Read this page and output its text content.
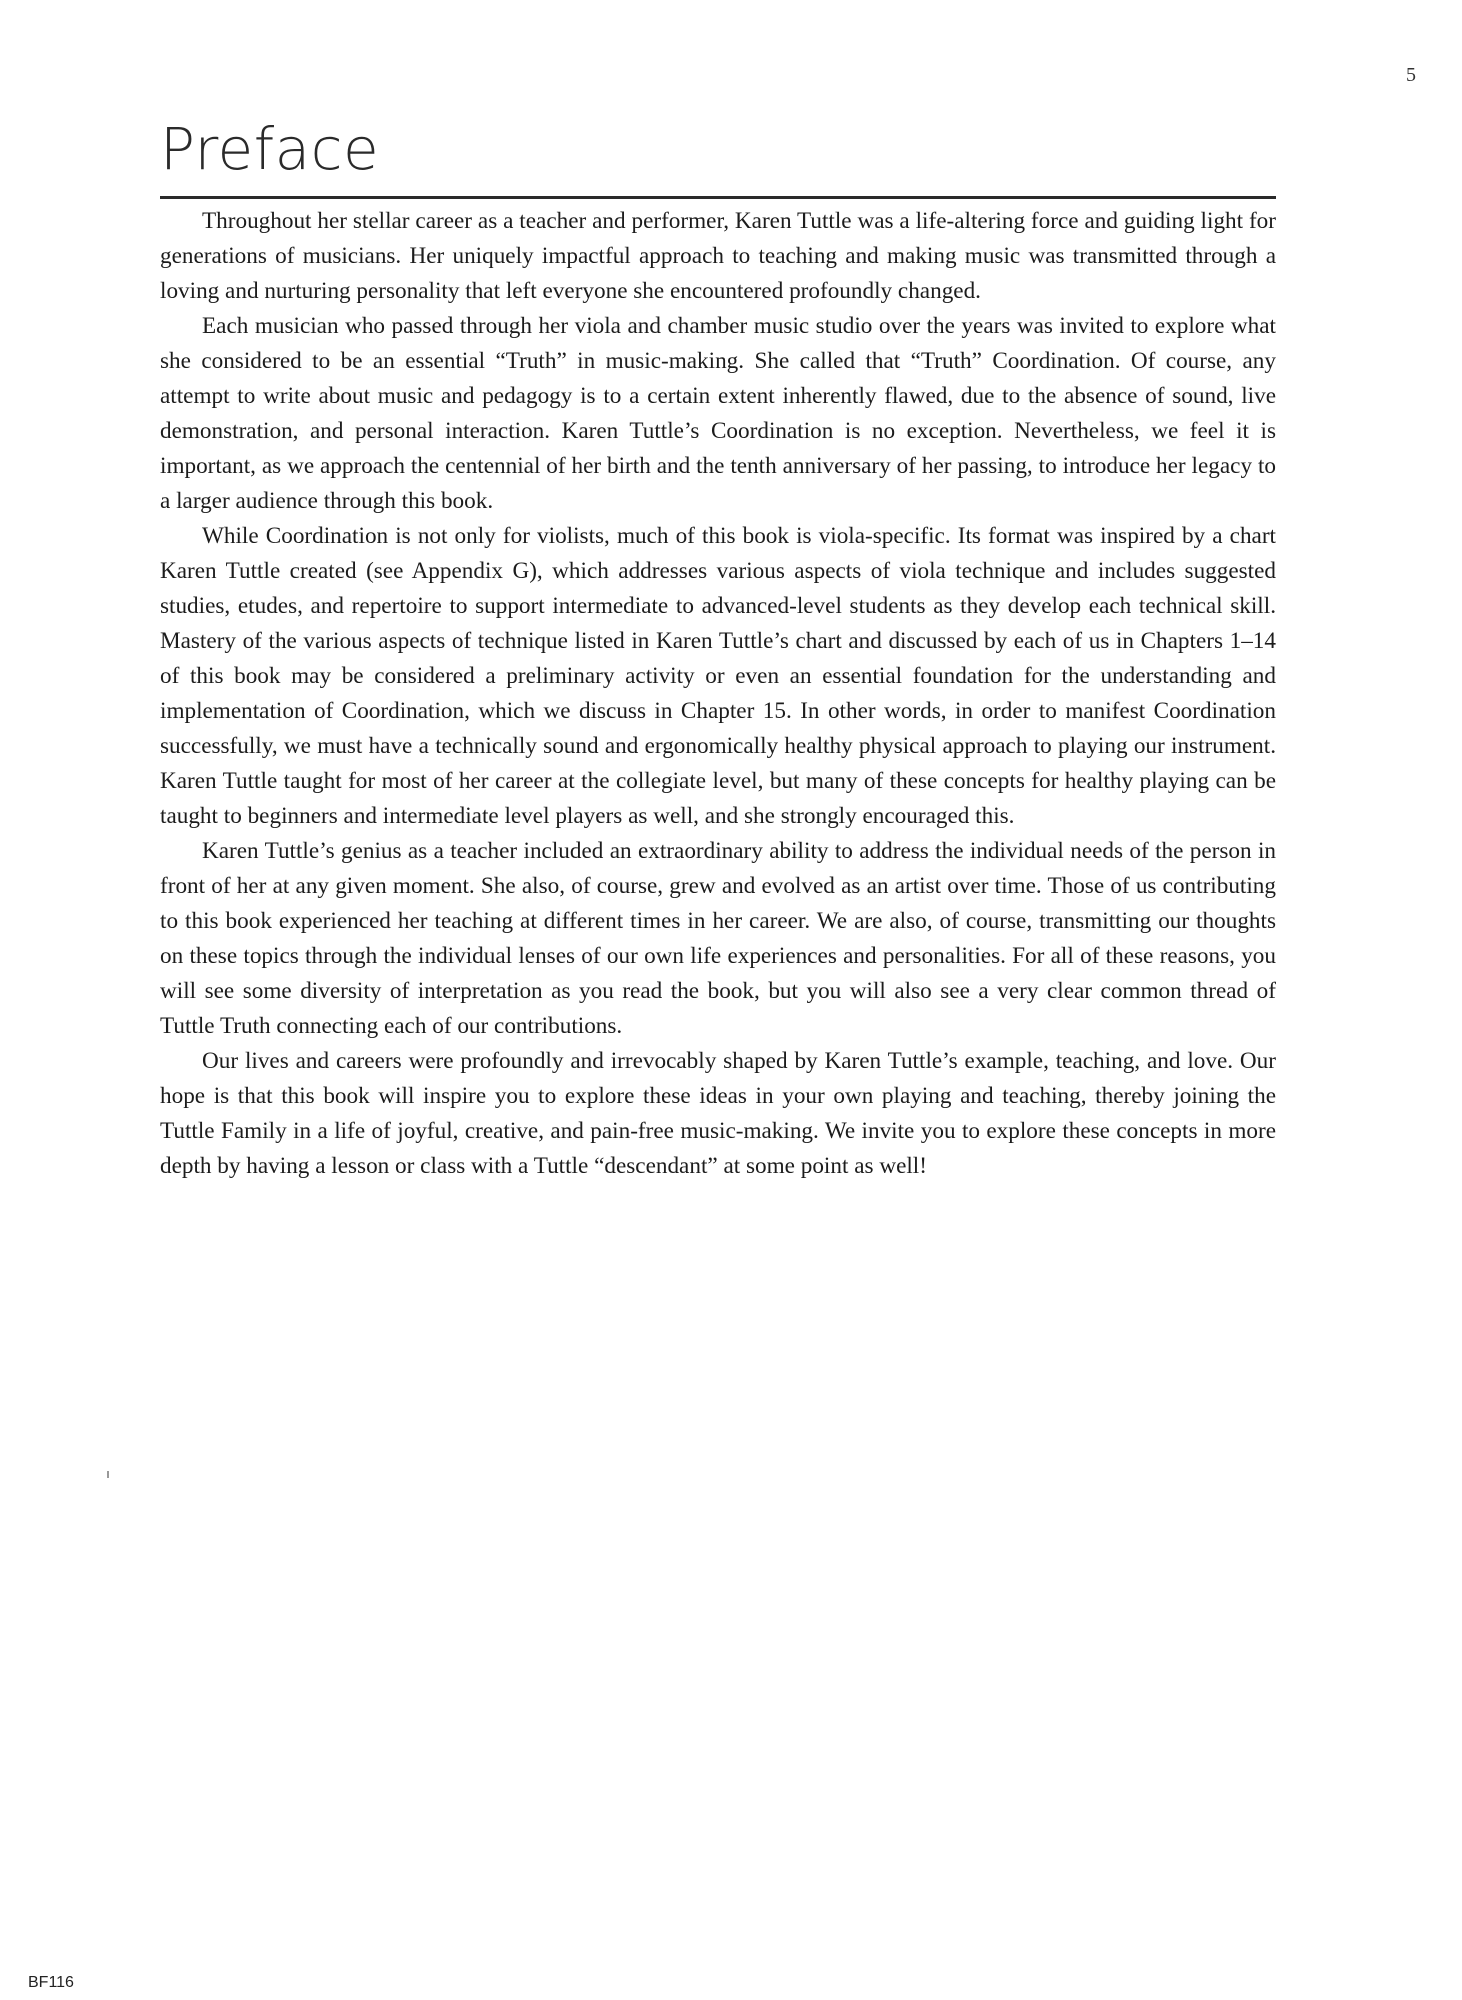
5
Preface

Throughout her stellar career as a teacher and performer, Karen Tuttle was a life-altering force and guiding light for generations of musicians. Her uniquely impactful approach to teaching and making music was transmitted through a loving and nurturing personality that left everyone she encountered profoundly changed.

Each musician who passed through her viola and chamber music studio over the years was invited to explore what she considered to be an essential “Truth” in music-making. She called that “Truth” Coordination. Of course, any attempt to write about music and pedagogy is to a certain extent inherently flawed, due to the absence of sound, live demonstration, and personal interaction. Karen Tuttle’s Coordination is no exception. Nevertheless, we feel it is important, as we approach the centennial of her birth and the tenth anniversary of her passing, to introduce her legacy to a larger audience through this book.

While Coordination is not only for violists, much of this book is viola-specific. Its format was inspired by a chart Karen Tuttle created (see Appendix G), which addresses various aspects of viola technique and includes suggested studies, etudes, and repertoire to support intermediate to advanced-level students as they develop each technical skill. Mastery of the various aspects of technique listed in Karen Tuttle’s chart and discussed by each of us in Chapters 1–14 of this book may be considered a preliminary activity or even an essential foundation for the understanding and implementation of Coordination, which we discuss in Chapter 15. In other words, in order to manifest Coordination successfully, we must have a technically sound and ergonomically healthy physical approach to playing our instrument. Karen Tuttle taught for most of her career at the collegiate level, but many of these concepts for healthy playing can be taught to beginners and intermediate level players as well, and she strongly encouraged this.

Karen Tuttle’s genius as a teacher included an extraordinary ability to address the individual needs of the person in front of her at any given moment. She also, of course, grew and evolved as an artist over time. Those of us contributing to this book experienced her teaching at different times in her career. We are also, of course, transmitting our thoughts on these topics through the individual lenses of our own life experiences and personalities. For all of these reasons, you will see some diversity of interpretation as you read the book, but you will also see a very clear common thread of Tuttle Truth connecting each of our contributions.

Our lives and careers were profoundly and irrevocably shaped by Karen Tuttle’s example, teaching, and love. Our hope is that this book will inspire you to explore these ideas in your own playing and teaching, thereby joining the Tuttle Family in a life of joyful, creative, and pain-free music-making. We invite you to explore these concepts in more depth by having a lesson or class with a Tuttle “descendant” at some point as well!

BF116
